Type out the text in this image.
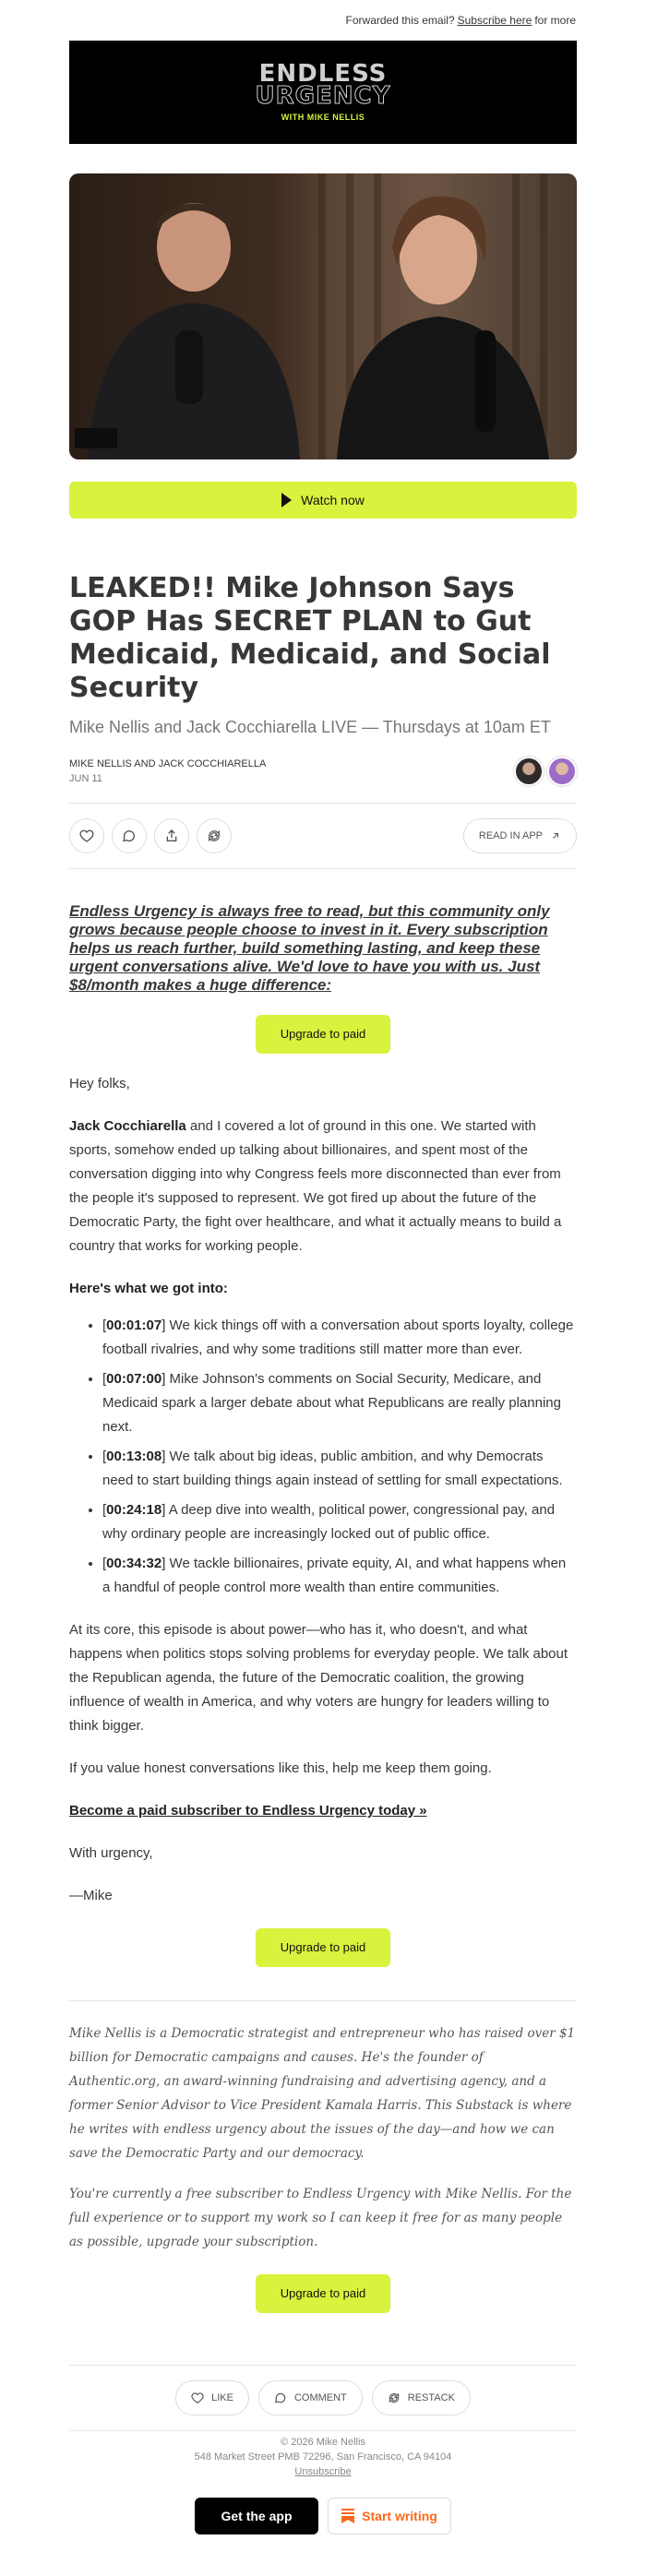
Forwarded this email? Subscribe here for more
ENDLESS
URGENCY
WITH MIKE NELLIS
Watch now
LEAKED!! Mike Johnson Says GOP Has SECRET PLAN to Gut Medicaid, Medicaid, and Social Security
Mike Nellis and Jack Cocchiarella LIVE — Thursdays at 10am ET
MIKE NELLIS AND JACK COCCHIARELLA
JUN 11
READ IN APP

Endless Urgency is always free to read, but this community only grows because people choose to invest in it. Every subscription helps us reach further, build something lasting, and keep these urgent conversations alive. We'd love to have you with us. Just $8/month makes a huge difference:

Upgrade to paid

Hey folks,

Jack Cocchiarella and I covered a lot of ground in this one. We started with sports, somehow ended up talking about billionaires, and spent most of the conversation digging into why Congress feels more disconnected than ever from the people it's supposed to represent. We got fired up about the future of the Democratic Party, the fight over healthcare, and what it actually means to build a country that works for working people.

Here's what we got into:

• [00:01:07] We kick things off with a conversation about sports loyalty, college football rivalries, and why some traditions still matter more than ever.
• [00:07:00] Mike Johnson's comments on Social Security, Medicare, and Medicaid spark a larger debate about what Republicans are really planning next.
• [00:13:08] We talk about big ideas, public ambition, and why Democrats need to start building things again instead of settling for small expectations.
• [00:24:18] A deep dive into wealth, political power, congressional pay, and why ordinary people are increasingly locked out of public office.
• [00:34:32] We tackle billionaires, private equity, AI, and what happens when a handful of people control more wealth than entire communities.

At its core, this episode is about power—who has it, who doesn't, and what happens when politics stops solving problems for everyday people. We talk about the Republican agenda, the future of the Democratic coalition, the growing influence of wealth in America, and why voters are hungry for leaders willing to think bigger.

If you value honest conversations like this, help me keep them going.

Become a paid subscriber to Endless Urgency today »

With urgency,

—Mike

Upgrade to paid

Mike Nellis is a Democratic strategist and entrepreneur who has raised over $1 billion for Democratic campaigns and causes. He's the founder of Authentic.org, an award-winning fundraising and advertising agency, and a former Senior Advisor to Vice President Kamala Harris. This Substack is where he writes with endless urgency about the issues of the day—and how we can save the Democratic Party and our democracy.

You're currently a free subscriber to Endless Urgency with Mike Nellis. For the full experience or to support my work so I can keep it free for as many people as possible, upgrade your subscription.

Upgrade to paid
LIKE	COMMENT	RESTACK
© 2026 Mike Nellis
548 Market Street PMB 72296, San Francisco, CA 94104
Unsubscribe
Get the app	Start writing
